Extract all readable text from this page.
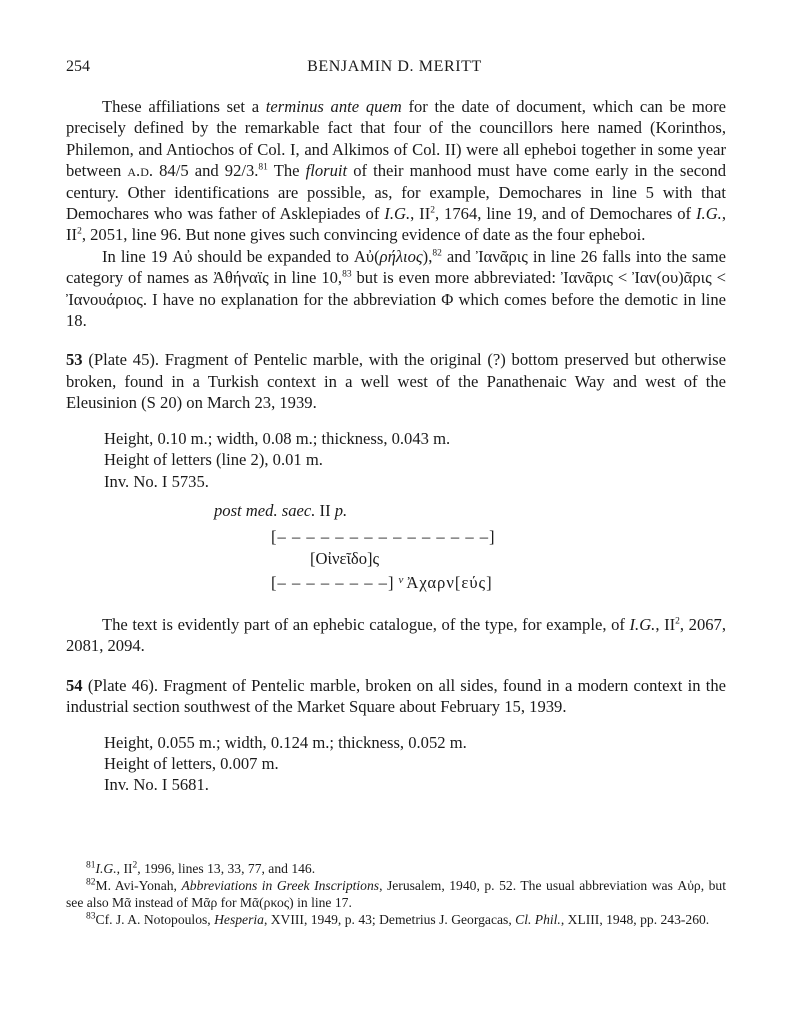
254	BENJAMIN D. MERITT

These affiliations set a terminus ante quem for the date of document, which can be more precisely defined by the remarkable fact that four of the councillors here named (Korinthos, Philemon, and Antiochos of Col. I, and Alkimos of Col. II) were all epheboi together in some year between a.d. 84/5 and 92/3.81 The floruit of their manhood must have come early in the second century. Other identifications are possible, as, for example, Demochares in line 5 with that Demochares who was father of Asklepiades of I.G., $II^2$, 1764, line 19, and of Demochares of I.G., $II^2$, 2051, line 96. But none gives such convincing evidence of date as the four epheboi.

In line 19 Αὐ should be expanded to Αὐ(ρήλιος),$^{82}$ and Ἰανᾶρις in line 26 falls into the same category of names as Ἀθήναϊς in line 10,83 but is even more abbreviated: Ἰανᾶρις < Ἰαν(ου)ᾶρις < Ἰανουάριος. I have no explanation for the abbreviation Φ which comes before the demotic in line 18.

53 (Plate 45). Fragment of Pentelic marble, with the original (?) bottom preserved but otherwise broken, found in a Turkish context in a well west of the Panathenaic Way and west of the Eleusinion (S 20) on March 23, 1939.

Height, 0.10 m.; width, 0.08 m.; thickness, 0.043 m.
Height of letters (line 2), 0.01 m.
Inv. No. I 5735.
post med. saec. II p.
[– – – – – – – – – – – – – – –]
[Οἰνεῖδο]ς
[– – – – – – – –] $^v$ Ἀχαρν[εύς]

The text is evidently part of an ephebic catalogue, of the type, for example, of I.G., $II^2$, 2067, 2081, 2094.

54 (Plate 46). Fragment of Pentelic marble, broken on all sides, found in a modern context in the industrial section southwest of the Market Square about February 15, 1939.

Height, 0.055 m.; width, 0.124 m.; thickness, 0.052 m.
Height of letters, 0.007 m.
Inv. No. I 5681.

$^{81}$I.G., $II^2$, 1996, lines 13, 33, 77, and 146.

$^{82}$M. Avi-Yonah, Abbreviations in Greek Inscriptions, Jerusalem, 1940, p. 52. The usual abbreviation was Αὐρ, but see also Μᾶ instead of Μᾶρ for Μᾶ(ρκος) in line 17.

$^{83}$Cf. J. A. Notopoulos, Hesperia, XVIII, 1949, p. 43; Demetrius J. Georgacas, Cl. Phil., XLIII, 1948, pp. 243-260.
